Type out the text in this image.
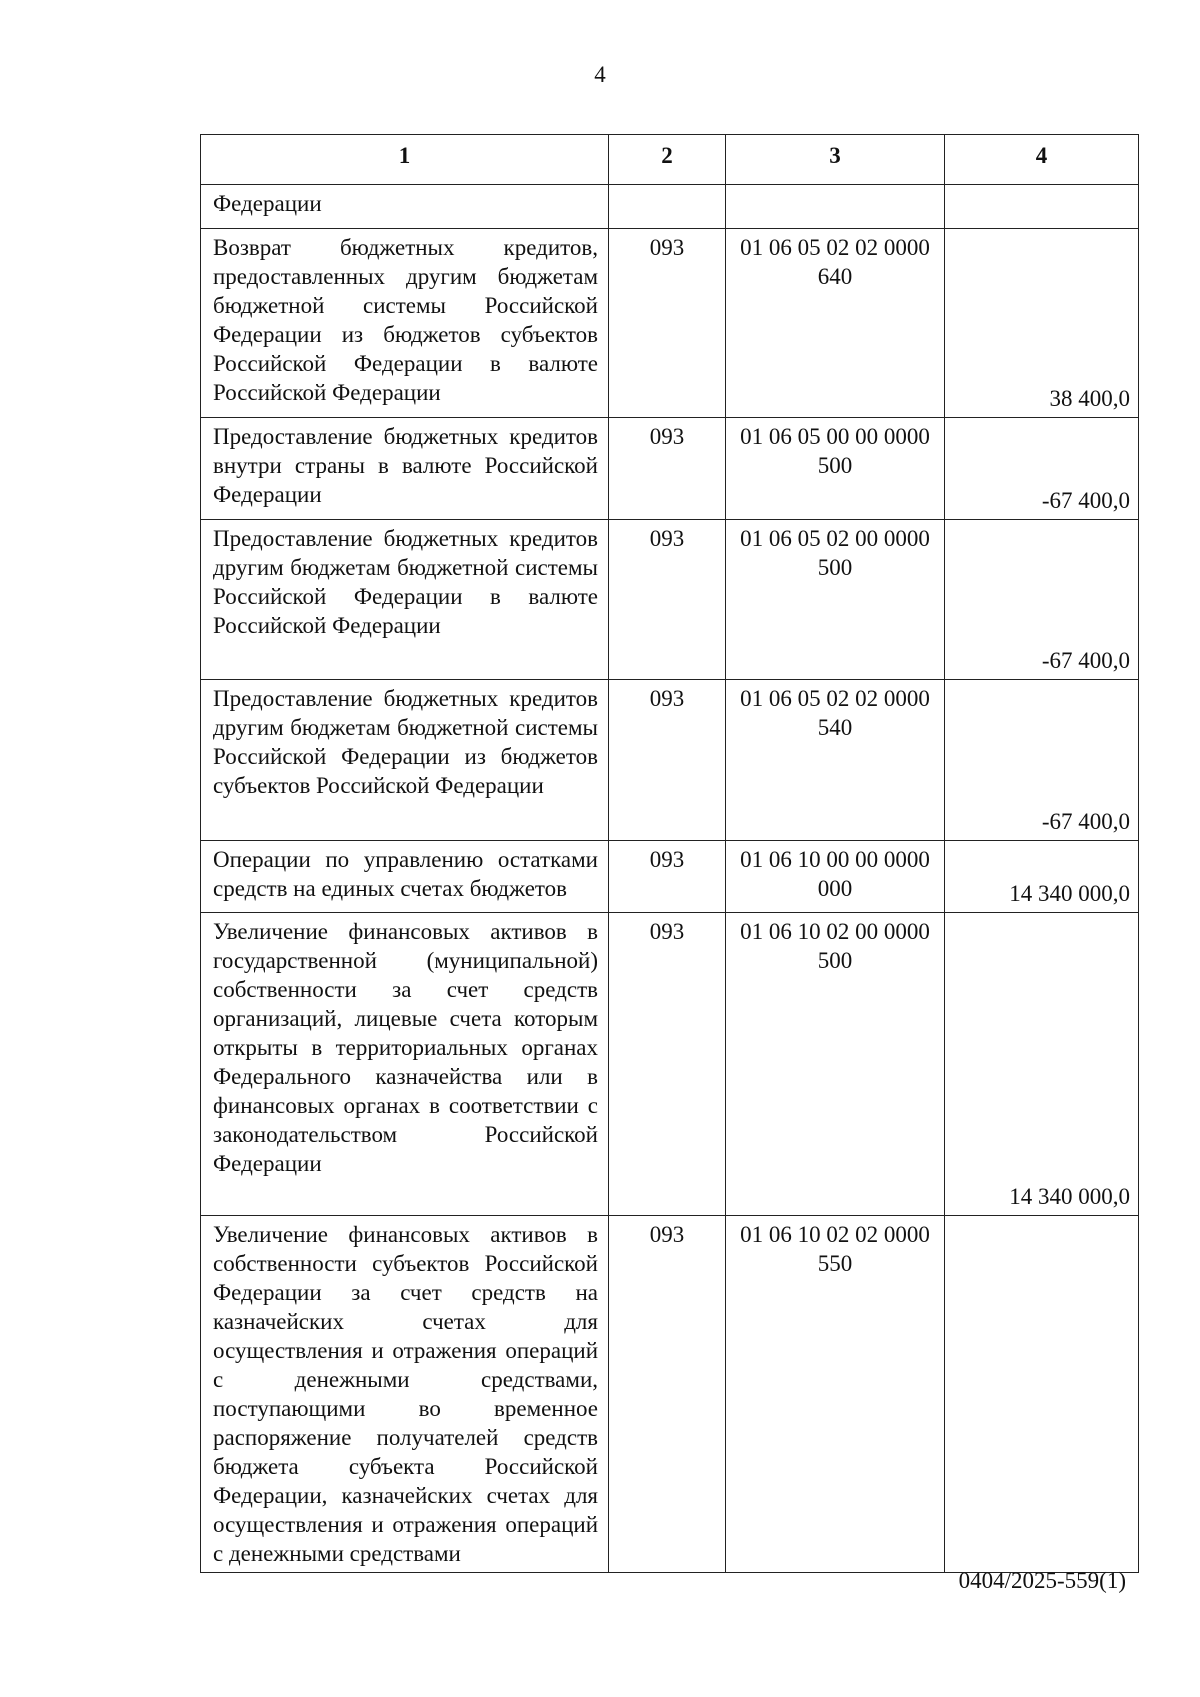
4
1	2	3	4
Федерации			
Возврат бюджетных кредитов, предоставленных другим бюджетам бюджетной системы Российской Федерации из бюджетов субъектов Российской Федерации в валюте Российской Федерации	093	01 06 05 02 02 0000 640	38 400,0
Предоставление бюджетных кредитов внутри страны в валюте Российской Федерации	093	01 06 05 00 00 0000 500	-67 400,0
Предоставление бюджетных кредитов другим бюджетам бюджетной системы Российской Федерации в валюте Российской Федерации	093	01 06 05 02 00 0000 500	-67 400,0
Предоставление бюджетных кредитов другим бюджетам бюджетной системы Российской Федерации из бюджетов субъектов Российской Федерации	093	01 06 05 02 02 0000 540	-67 400,0
Операции по управлению остатками средств на единых счетах бюджетов	093	01 06 10 00 00 0000 000	14 340 000,0
Увеличение финансовых активов в государственной (муниципальной) собственности за счет средств организаций, лицевые счета которым открыты в территориальных органах Федерального казначейства или в финансовых органах в соответствии с законодательством Российской Федерации	093	01 06 10 02 00 0000 500	14 340 000,0
Увеличение финансовых активов в собственности субъектов Российской Федерации за счет средств на казначейских счетах для осуществления и отражения операций с денежными средствами, поступающими во временное распоряжение получателей средств бюджета субъекта Российской Федерации, казначейских счетах для осуществления и отражения операций с денежными средствами	093	01 06 10 02 02 0000 550	
0404/2025-559(1)
